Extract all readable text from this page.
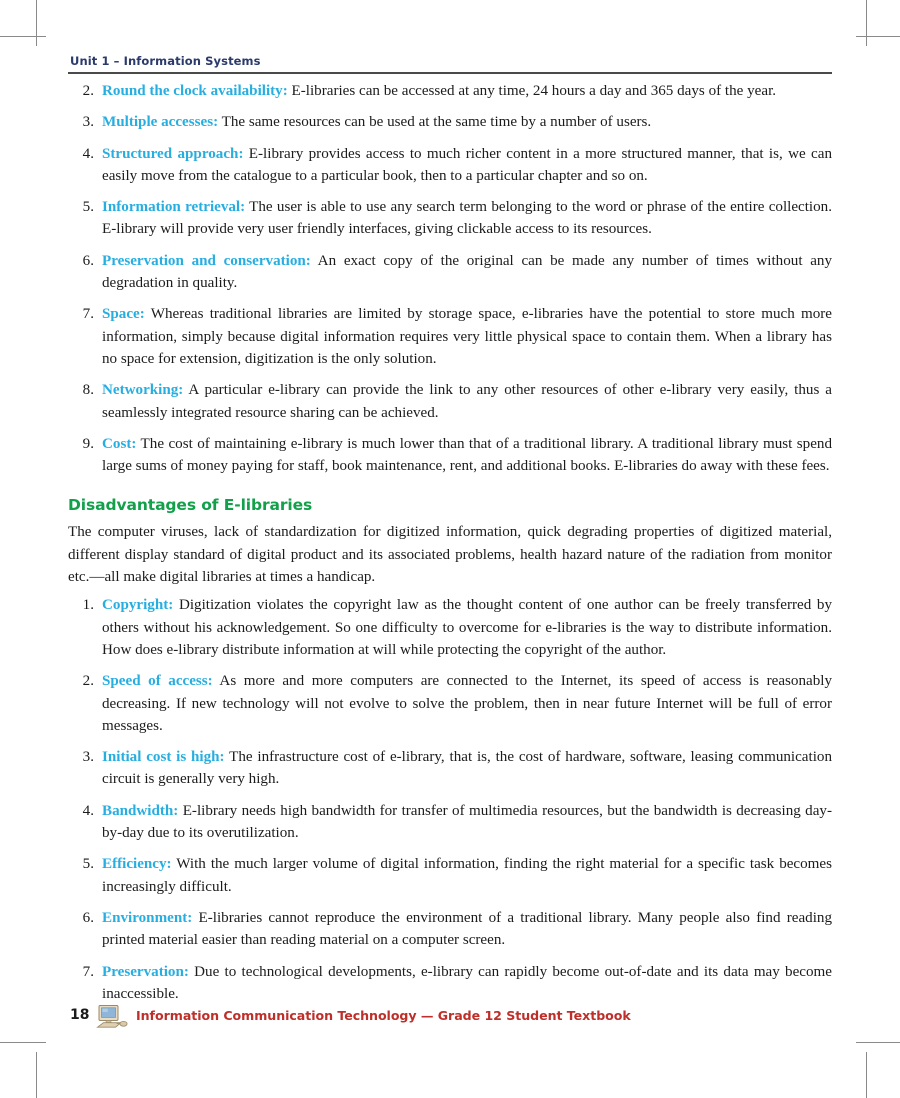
Unit 1 – Information Systems
2. Round the clock availability: E-libraries can be accessed at any time, 24 hours a day and 365 days of the year.
3. Multiple accesses: The same resources can be used at the same time by a number of users.
4. Structured approach: E-library provides access to much richer content in a more structured manner, that is, we can easily move from the catalogue to a particular book, then to a particular chapter and so on.
5. Information retrieval: The user is able to use any search term belonging to the word or phrase of the entire collection. E-library will provide very user friendly interfaces, giving clickable access to its resources.
6. Preservation and conservation: An exact copy of the original can be made any number of times without any degradation in quality.
7. Space: Whereas traditional libraries are limited by storage space, e-libraries have the potential to store much more information, simply because digital information requires very little physical space to contain them. When a library has no space for extension, digitization is the only solution.
8. Networking: A particular e-library can provide the link to any other resources of other e-library very easily, thus a seamlessly integrated resource sharing can be achieved.
9. Cost: The cost of maintaining e-library is much lower than that of a traditional library. A traditional library must spend large sums of money paying for staff, book maintenance, rent, and additional books. E-libraries do away with these fees.
Disadvantages of E-libraries

The computer viruses, lack of standardization for digitized information, quick degrading properties of digitized material, different display standard of digital product and its associated problems, health hazard nature of the radiation from monitor etc.—all make digital libraries at times a handicap.

1. Copyright: Digitization violates the copyright law as the thought content of one author can be freely transferred by others without his acknowledgement. So one difficulty to overcome for e-libraries is the way to distribute information. How does e-library distribute information at will while protecting the copyright of the author.
2. Speed of access: As more and more computers are connected to the Internet, its speed of access is reasonably decreasing. If new technology will not evolve to solve the problem, then in near future Internet will be full of error messages.
3. Initial cost is high: The infrastructure cost of e-library, that is, the cost of hardware, software, leasing communication circuit is generally very high.
4. Bandwidth: E-library needs high bandwidth for transfer of multimedia resources, but the bandwidth is decreasing day-by-day due to its overutilization.
5. Efficiency: With the much larger volume of digital information, finding the right material for a specific task becomes increasingly difficult.
6. Environment: E-libraries cannot reproduce the environment of a traditional library. Many people also find reading printed material easier than reading material on a computer screen.
7. Preservation: Due to technological developments, e-library can rapidly become out-of-date and its data may become inaccessible.
18	Information Communication Technology — Grade 12 Student Textbook
